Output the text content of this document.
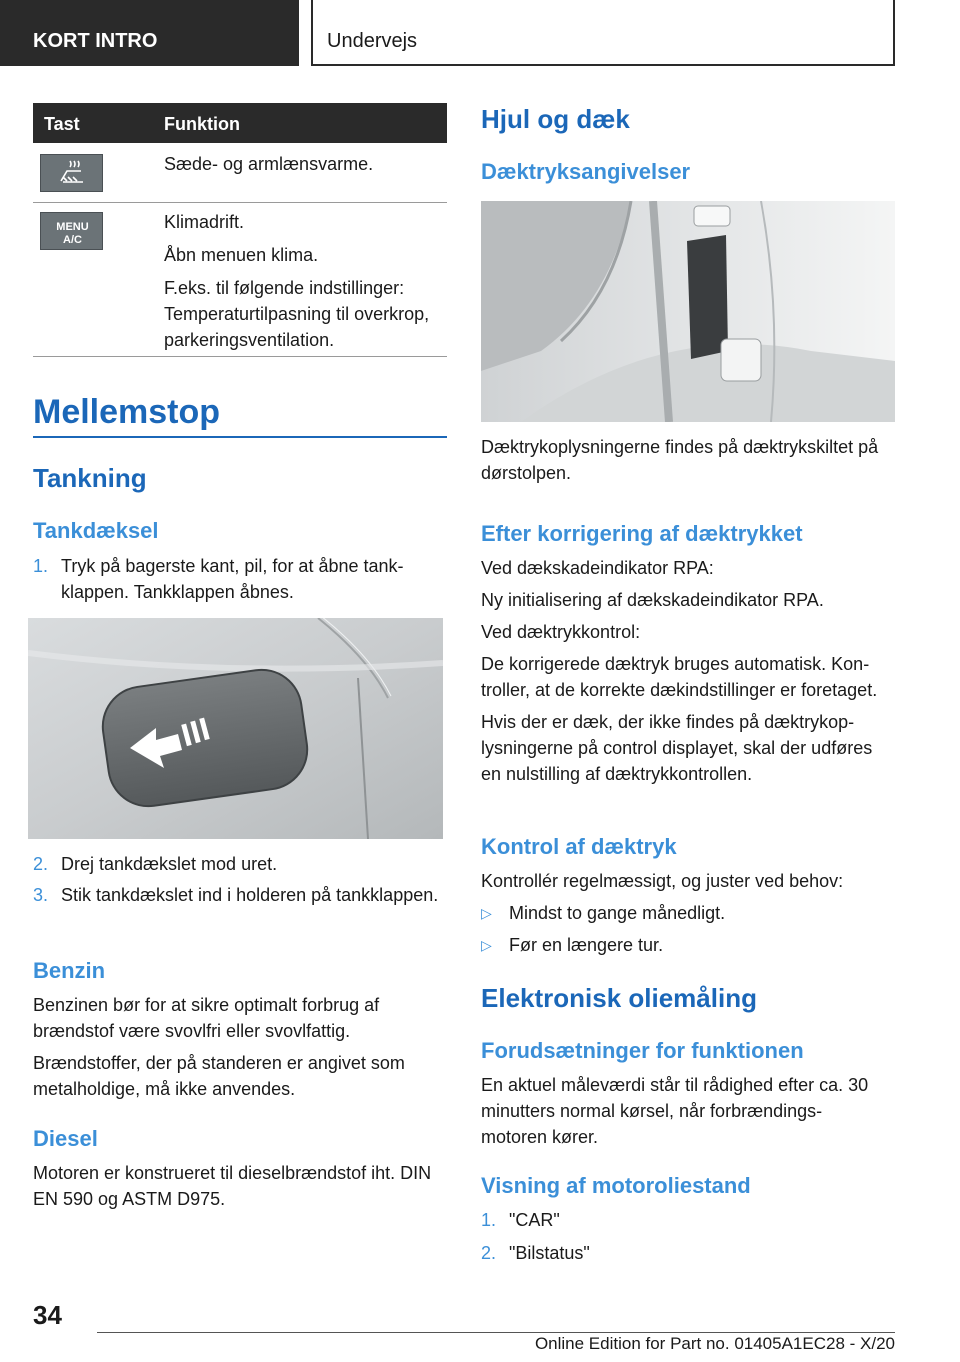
KORT INTRO	Undervejs
Tast	Funktion

Sæde- og armlænsvarme.

MENU
A/C

Klimadrift.

Åbn menuen klima.

F.eks. til følgende indstillinger: Temperaturtilpasning til overkrop, parkeringsventilation.

Mellemstop
Tankning
Tankdæksel
1. Tryk på bagerste kant, pil, for at åbne tankklappen. Tankklappen åbnes.
2. Drej tankdækslet mod uret.
3. Stik tankdækslet ind i holderen på tankklappen.
Benzin

Benzinen bør for at sikre optimalt forbrug af brændstof være svovlfri eller svovlfattig.

Brændstoffer, der på standeren er angivet som metalholdige, må ikke anvendes.

Diesel

Motoren er konstrueret til dieselbrændstof iht. DIN EN 590 og ASTM D975.

Hjul og dæk
Dæktryksangivelser

Dæktrykoplysningerne findes på dæktrykskiltet på dørstolpen.

Efter korrigering af dæktrykket

Ved dækskadeindikator RPA:

Ny initialisering af dækskadeindikator RPA.

Ved dæktrykkontrol:

De korrigerede dæktryk bruges automatisk. Kontroller, at de korrekte dækindstillinger er foretaget.

Hvis der er dæk, der ikke findes på dæktrykoplysningerne på control displayet, skal der udføres en nulstilling af dæktrykkontrollen.

Kontrol af dæktryk

Kontrollér regelmæssigt, og juster ved behov:

▷ Mindst to gange månedligt.
▷ Før en længere tur.
Elektronisk oliemåling
Forudsætninger for funktionen

En aktuel måleværdi står til rådighed efter ca. 30 minutters normal kørsel, når forbrændingsmotoren kører.

Visning af motoroliestand
1. "CAR"
2. "Bilstatus"
34
Online Edition for Part no. 01405A1EC28 - X/20
